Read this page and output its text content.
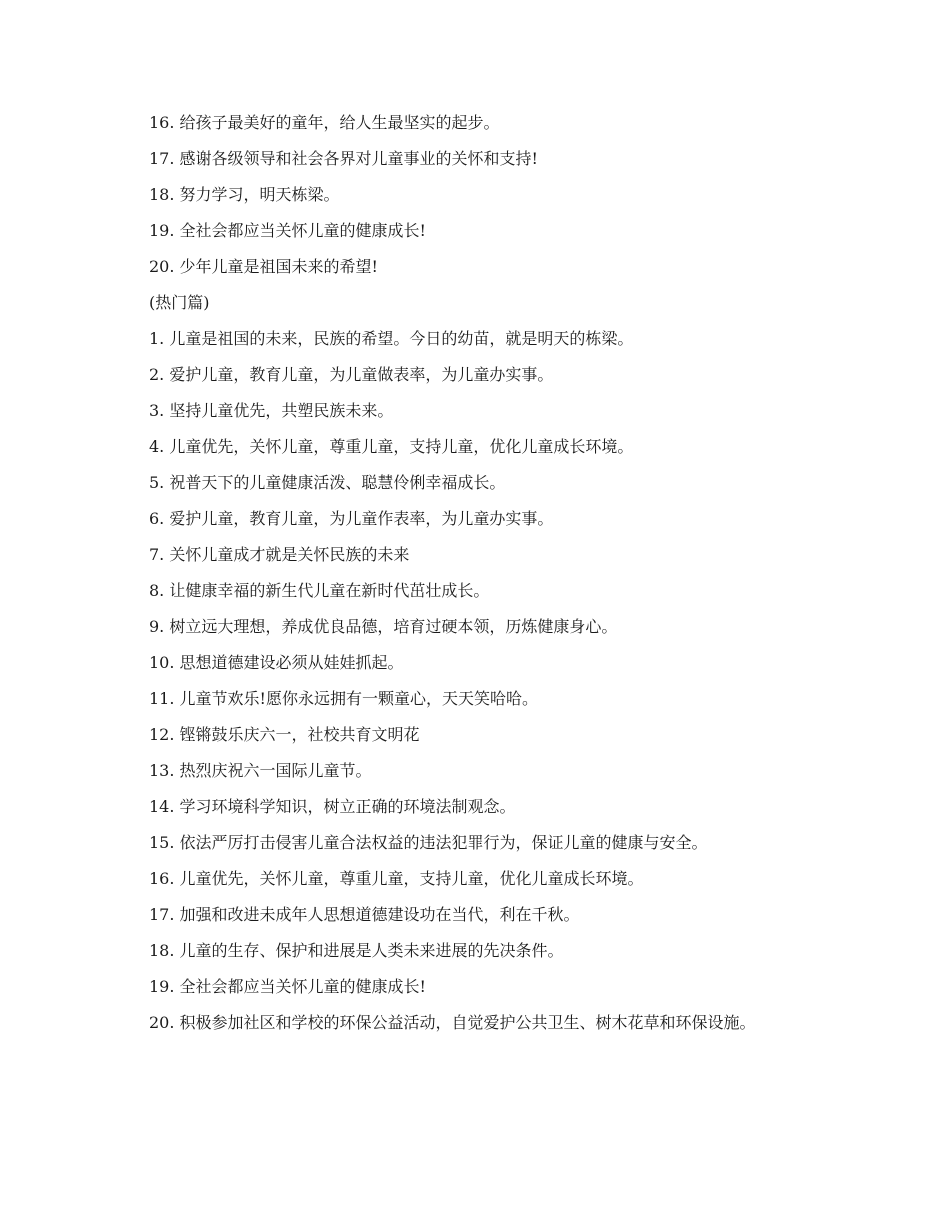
16. 给孩子最美好的童年，给人生最坚实的起步。

17. 感谢各级领导和社会各界对儿童事业的关怀和支持!

18. 努力学习，明天栋梁。

19. 全社会都应当关怀儿童的健康成长!

20. 少年儿童是祖国未来的希望!

(热门篇)

1. 儿童是祖国的未来，民族的希望。今日的幼苗，就是明天的栋梁。

2. 爱护儿童，教育儿童，为儿童做表率，为儿童办实事。

3. 坚持儿童优先，共塑民族未来。

4. 儿童优先，关怀儿童，尊重儿童，支持儿童，优化儿童成长环境。

5. 祝普天下的儿童健康活泼、聪慧伶俐幸福成长。

6. 爱护儿童，教育儿童，为儿童作表率，为儿童办实事。

7. 关怀儿童成才就是关怀民族的未来

8. 让健康幸福的新生代儿童在新时代茁壮成长。

9. 树立远大理想，养成优良品德，培育过硬本领，历炼健康身心。

10. 思想道德建设必须从娃娃抓起。

11. 儿童节欢乐!愿你永远拥有一颗童心，天天笑哈哈。

12. 铿锵鼓乐庆六一，社校共育文明花

13. 热烈庆祝六一国际儿童节。

14. 学习环境科学知识，树立正确的环境法制观念。

15. 依法严厉打击侵害儿童合法权益的违法犯罪行为，保证儿童的健康与安全。

16. 儿童优先，关怀儿童，尊重儿童，支持儿童，优化儿童成长环境。

17. 加强和改进未成年人思想道德建设功在当代，利在千秋。

18. 儿童的生存、保护和进展是人类未来进展的先决条件。

19. 全社会都应当关怀儿童的健康成长!

20. 积极参加社区和学校的环保公益活动，自觉爱护公共卫生、树木花草和环保设施。
